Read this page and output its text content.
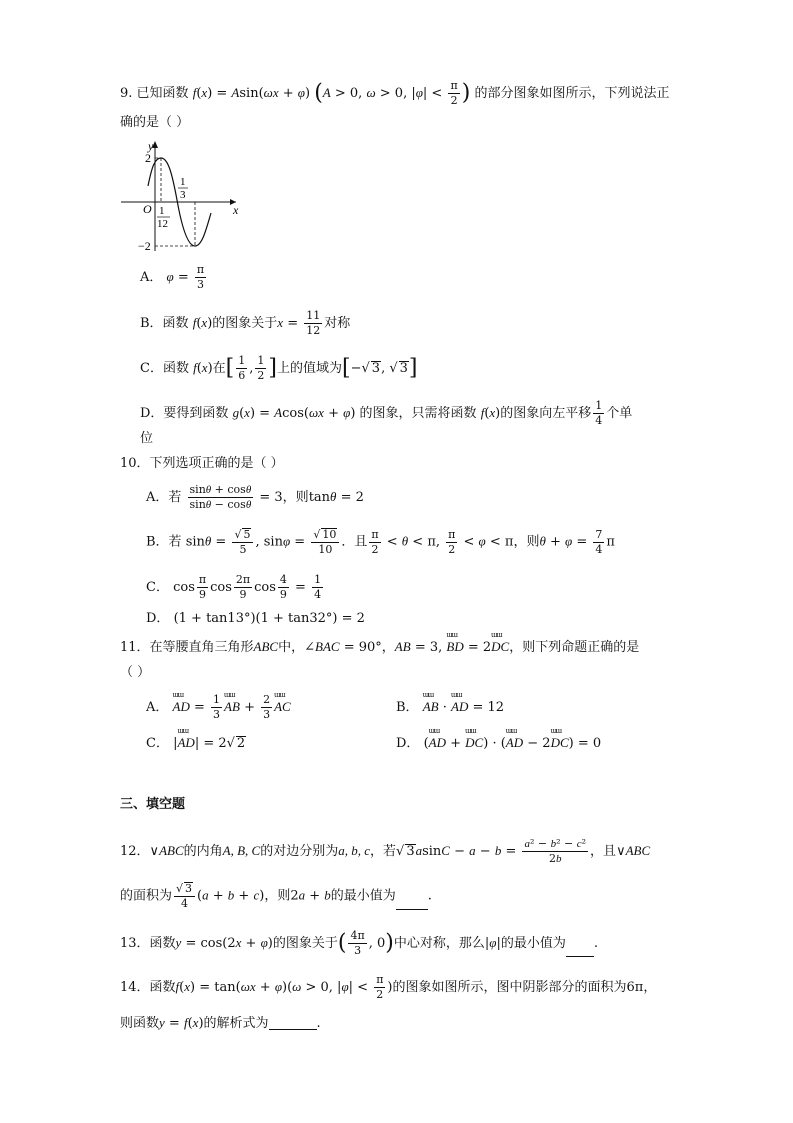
9. 已知函数 f(x) = Asin(ωx + φ) (A > 0, ω > 0, $|\varphi| < \frac{\pi}{2}$ ) 的部分图象如图所示，下列说法正
确的是（ ）
y
x
O
2
−2
1
12
1
3
A． $\varphi = \frac{\pi}{3}$
B．函数 f(x)的图象关于$x = \frac{11}{12}$ 对称
C．函数 f(x)在[ $\frac{1}{6}$ , $\frac{1}{2}$ ]上的值域为[−√ 3, √ 3]
D．要得到函数 g(x) = Acos(ωx + φ) 的图象，只需将函数 f(x)的图象向左平移 $\frac{1}{4}$ 个单
位
10．下列选项正确的是（ ）
A．若 $\frac{\sin\theta + \cos\theta}{\sin\theta - \cos\theta} = 3$，则tanθ = 2
B．若 $\sin\theta = \frac{√ 5}{5}$ , $\sin\varphi = \frac{√ 10}{10}$ ．且 $\frac{\pi}{2} < \theta < \pi$, $\frac{\pi}{2} < \varphi < \pi$，则$\theta + \varphi = \frac{7}{4}$ π
C． $\cos \frac{\pi}{9}$ $\cos \frac{2\pi}{9}$ $\cos \frac{4}{9} = \frac{1}{4}$
D． (1 + tan13°)(1 + tan32°) = 2
11．在等腰直角三角形ABC中，∠BAC = 90°，AB = 3, ɯɯ BD = 2ɯɯ DC，则下列命题正确的是
（ ）
A． ɯɯ AD = $\frac{1}{3}$ ɯɯ AB + $\frac{2}{3}$ ɯɯ AC	B． ɯɯ AB · ɯɯ AD = 12
C． |ɯɯ AD| = 2√ 2	D． (ɯɯ AD + ɯɯ DC) · (ɯɯ AD − 2ɯɯ DC) = 0
三、填空题
12．∨ABC的内角A, B, C的对边分别为a, b, c，若√ $3asinC - a - b = \frac{\text{a² − b² − c²}}{2b}$ ，且∨ABC
的面积为 $\frac{√ 3}{4} (a + b + c)$，则2a + b的最小值为 .
13．函数y = cos(2x + φ)的图象关于( $\frac{4\pi}{3}$ , 0)中心对称，那么|φ|的最小值为 .
14．函数f(x) = tan(ωx + φ)(ω > 0, $|\varphi| < \frac{\pi}{2}$ )的图象如图所示，图中阴影部分的面积为6π，
则函数y = f(x)的解析式为	.
